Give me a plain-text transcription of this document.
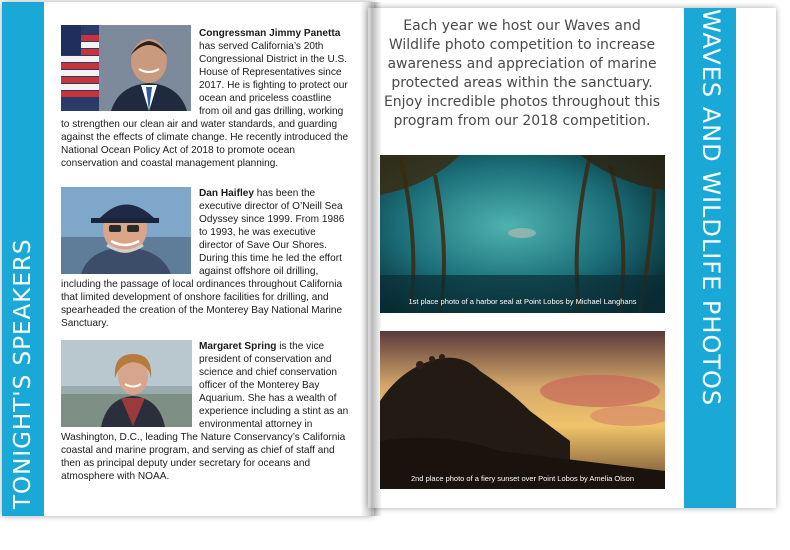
TONIGHT'S SPEAKERS	WAVES AND WILDLIFE PHOTOS
Each year we host our Waves and Wildlife photo competition to increase awareness and appreciation of marine protected areas within the sanctuary. Enjoy incredible photos throughout this program from our 2018 competition.
1st place photo of a harbor seal at Point Lobos by Michael Langhans
2nd place photo of a fiery sunset over Point Lobos by Amelia Olson
Congressman Jimmy Panetta has served California’s 20th Congressional District in the U.S. House of Representatives since 2017. He is fighting to protect our ocean and priceless coastline from oil and gas drilling, working to strengthen our clean air and water standards, and guarding against the effects of climate change. He recently introduced the National Ocean Policy Act of 2018 to promote ocean conservation and coastal management planning.
Dan Haifley has been the executive director of O’Neill Sea Odyssey since 1999. From 1986 to 1993, he was executive director of Save Our Shores. During this time he led the effort against offshore oil drilling, including the passage of local ordinances throughout California that limited development of onshore facilities for drilling, and spearheaded the creation of the Monterey Bay National Marine Sanctuary.
Margaret Spring is the vice president of conservation and science and chief conservation officer of the Monterey Bay Aquarium. She has a wealth of experience including a stint as an environmental attorney in Washington, D.C., leading The Nature Conservancy’s California coastal and marine program, and serving as chief of staff and then as principal deputy under secretary for oceans and atmosphere with NOAA.
